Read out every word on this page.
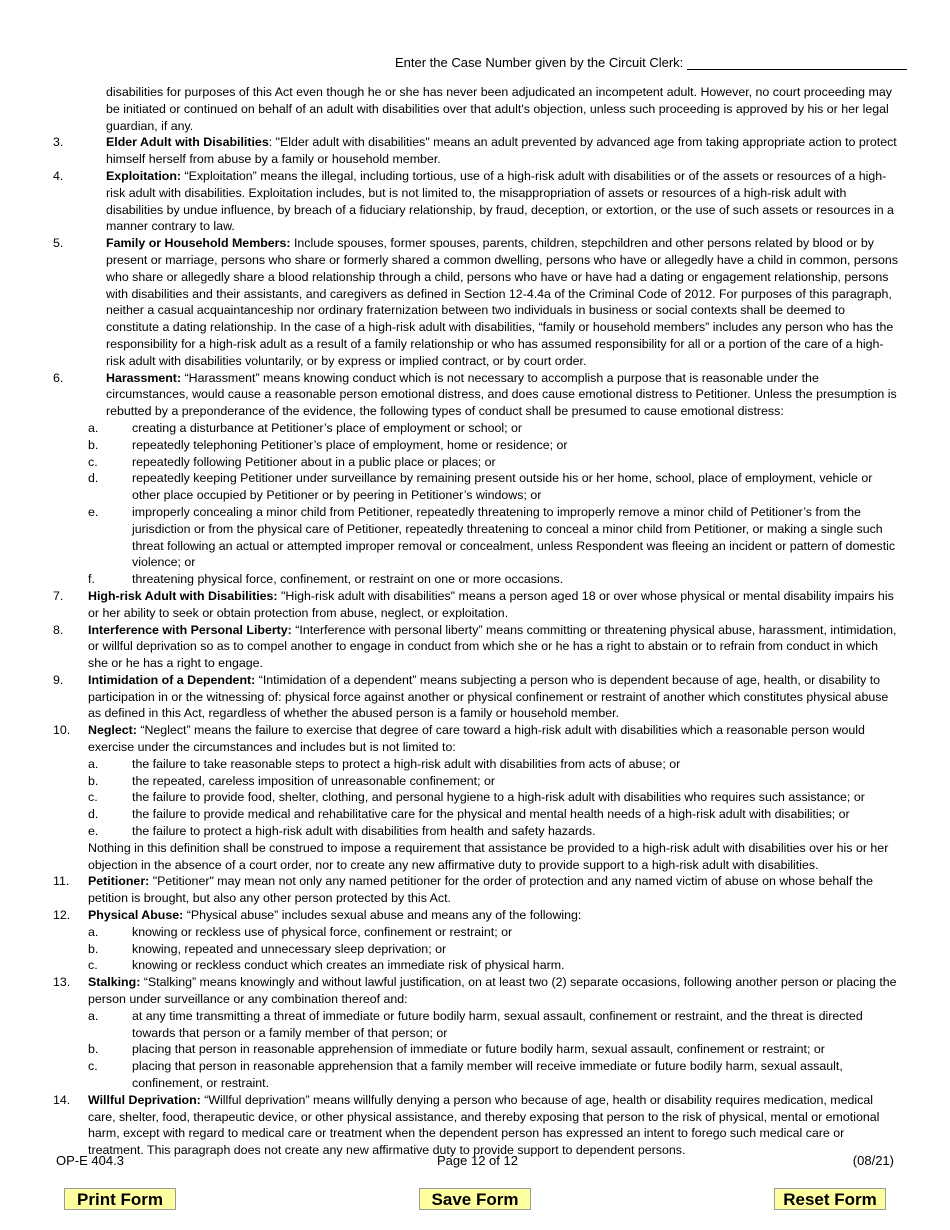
Enter the Case Number given by the Circuit Clerk:
disabilities for purposes of this Act even though he or she has never been adjudicated an incompetent adult. However, no court proceeding may be initiated or continued on behalf of an adult with disabilities over that adult's objection, unless such proceeding is approved by his or her legal guardian, if any.
3.	Elder Adult with Disabilities: "Elder adult with disabilities" means an adult prevented by advanced age from taking appropriate action to protect himself herself from abuse by a family or household member.
4.	Exploitation: “Exploitation” means the illegal, including tortious, use of a high-risk adult with disabilities or of the assets or resources of a high-risk adult with disabilities. Exploitation includes, but is not limited to, the misappropriation of assets or resources of a high-risk adult with disabilities by undue influence, by breach of a fiduciary relationship, by fraud, deception, or extortion, or the use of such assets or resources in a manner contrary to law.
5.	Family or Household Members: Include spouses, former spouses, parents, children, stepchildren and other persons related by blood or by present or marriage, persons who share or formerly shared a common dwelling, persons who have or allegedly have a child in common, persons who share or allegedly share a blood relationship through a child, persons who have or have had a dating or engagement relationship, persons with disabilities and their assistants, and caregivers as defined in Section 12-4.4a of the Criminal Code of 2012. For purposes of this paragraph, neither a casual acquaintanceship nor ordinary fraternization between two individuals in business or social contexts shall be deemed to constitute a dating relationship. In the case of a high-risk adult with disabilities, “family or household members” includes any person who has the responsibility for a high-risk adult as a result of a family relationship or who has assumed responsibility for all or a portion of the care of a high-risk adult with disabilities voluntarily, or by express or implied contract, or by court order.
6.	Harassment: “Harassment” means knowing conduct which is not necessary to accomplish a purpose that is reasonable under the circumstances, would cause a reasonable person emotional distress, and does cause emotional distress to Petitioner. Unless the presumption is rebutted by a preponderance of the evidence, the following types of conduct shall be presumed to cause emotional distress:
a.	creating a disturbance at Petitioner’s place of employment or school; or
b.	repeatedly telephoning Petitioner’s place of employment, home or residence; or
c.	repeatedly following Petitioner about in a public place or places; or
d.	repeatedly keeping Petitioner under surveillance by remaining present outside his or her home, school, place of employment, vehicle or other place occupied by Petitioner or by peering in Petitioner’s windows; or
e.	improperly concealing a minor child from Petitioner, repeatedly threatening to improperly remove a minor child of Petitioner’s from the jurisdiction or from the physical care of Petitioner, repeatedly threatening to conceal a minor child from Petitioner, or making a single such threat following an actual or attempted improper removal or concealment, unless Respondent was fleeing an incident or pattern of domestic violence; or
f.	threatening physical force, confinement, or restraint on one or more occasions.
7. High-risk Adult with Disabilities: "High-risk adult with disabilities" means a person aged 18 or over whose physical or mental disability impairs his or her ability to seek or obtain protection from abuse, neglect, or exploitation.
8. Interference with Personal Liberty: “Interference with personal liberty” means committing or threatening physical abuse, harassment, intimidation, or willful deprivation so as to compel another to engage in conduct from which she or he has a right to abstain or to refrain from conduct in which she or he has a right to engage.
9. Intimidation of a Dependent: “Intimidation of a dependent” means subjecting a person who is dependent because of age, health, or disability to participation in or the witnessing of: physical force against another or physical confinement or restraint of another which constitutes physical abuse as defined in this Act, regardless of whether the abused person is a family or household member.
10. Neglect: “Neglect” means the failure to exercise that degree of care toward a high-risk adult with disabilities which a reasonable person would exercise under the circumstances and includes but is not limited to:
a.	the failure to take reasonable steps to protect a high-risk adult with disabilities from acts of abuse; or
b.	the repeated, careless imposition of unreasonable confinement; or
c.	the failure to provide food, shelter, clothing, and personal hygiene to a high-risk adult with disabilities who requires such assistance; or
d.	the failure to provide medical and rehabilitative care for the physical and mental health needs of a high-risk adult with disabilities; or
e.	the failure to protect a high-risk adult with disabilities from health and safety hazards.
Nothing in this definition shall be construed to impose a requirement that assistance be provided to a high-risk adult with disabilities over his or her objection in the absence of a court order, nor to create any new affirmative duty to provide support to a high-risk adult with disabilities.
11. Petitioner: "Petitioner" may mean not only any named petitioner for the order of protection and any named victim of abuse on whose behalf the petition is brought, but also any other person protected by this Act.
12. Physical Abuse: “Physical abuse” includes sexual abuse and means any of the following:
a.	knowing or reckless use of physical force, confinement or restraint; or
b.	knowing, repeated and unnecessary sleep deprivation; or
c.	knowing or reckless conduct which creates an immediate risk of physical harm.
13. Stalking: “Stalking” means knowingly and without lawful justification, on at least two (2) separate occasions, following another person or placing the person under surveillance or any combination thereof and:
a.	at any time transmitting a threat of immediate or future bodily harm, sexual assault, confinement or restraint, and the threat is directed towards that person or a family member of that person; or
b.	placing that person in reasonable apprehension of immediate or future bodily harm, sexual assault, confinement or restraint; or
c.	placing that person in reasonable apprehension that a family member will receive immediate or future bodily harm, sexual assault, confinement, or restraint.
14. Willful Deprivation: “Willful deprivation” means willfully denying a person who because of age, health or disability requires medication, medical care, shelter, food, therapeutic device, or other physical assistance, and thereby exposing that person to the risk of physical, mental or emotional harm, except with regard to medical care or treatment when the dependent person has expressed an intent to forego such medical care or treatment. This paragraph does not create any new affirmative duty to provide support to dependent persons.
OP-E 404.3	Page 12 of 12	(08/21)
Print Form	Save Form	Reset Form
